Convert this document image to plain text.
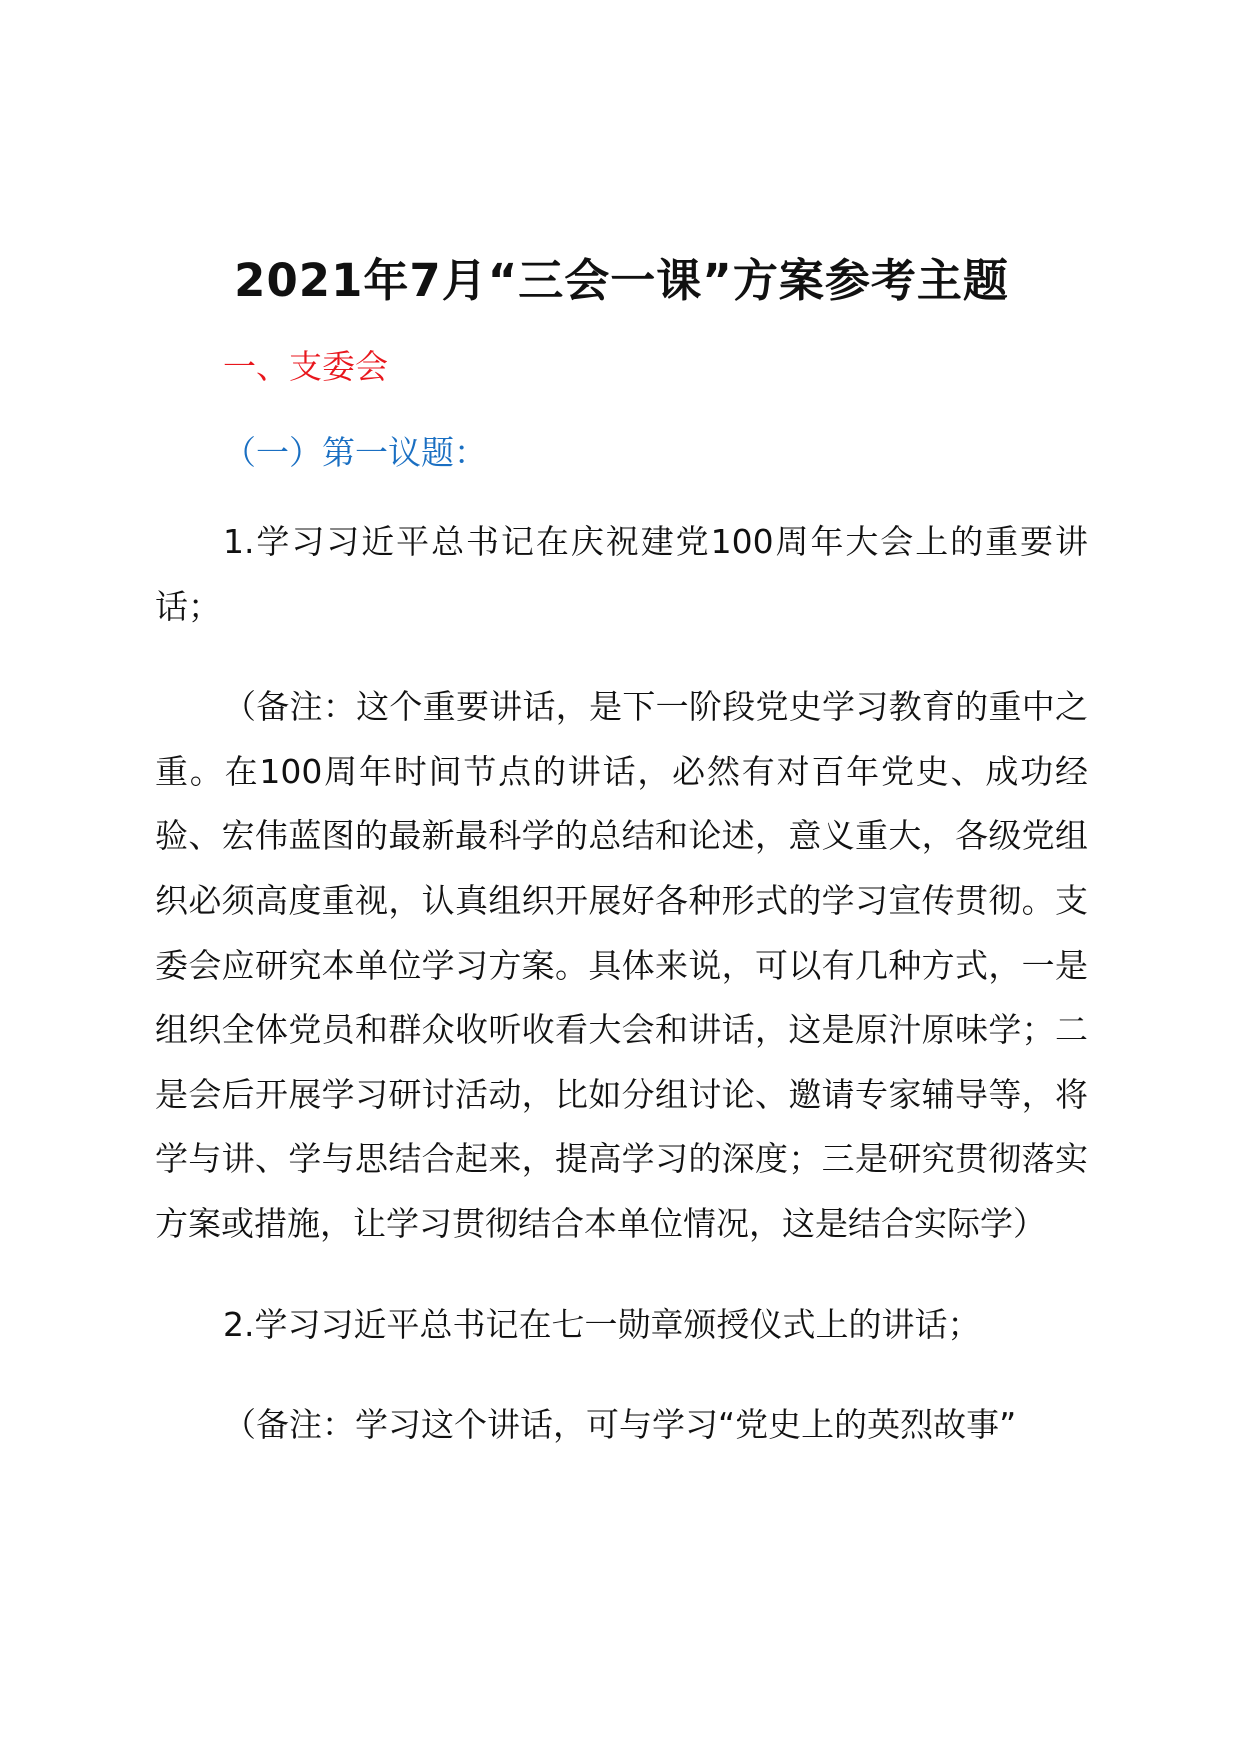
2021年7月“三会一课”方案参考主题

一、支委会

（一）第一议题：

1.学习习近平总书记在庆祝建党100周年大会上的重要讲话；

（备注：这个重要讲话，是下一阶段党史学习教育的重中之重。在100周年时间节点的讲话，必然有对百年党史、成功经验、宏伟蓝图的最新最科学的总结和论述，意义重大，各级党组织必须高度重视，认真组织开展好各种形式的学习宣传贯彻。支委会应研究本单位学习方案。具体来说，可以有几种方式，一是组织全体党员和群众收听收看大会和讲话，这是原汁原味学；二是会后开展学习研讨活动，比如分组讨论、邀请专家辅导等，将学与讲、学与思结合起来，提高学习的深度；三是研究贯彻落实方案或措施，让学习贯彻结合本单位情况，这是结合实际学）

2.学习习近平总书记在七一勋章颁授仪式上的讲话；

（备注：学习这个讲话，可与学习“党史上的英烈故事”
